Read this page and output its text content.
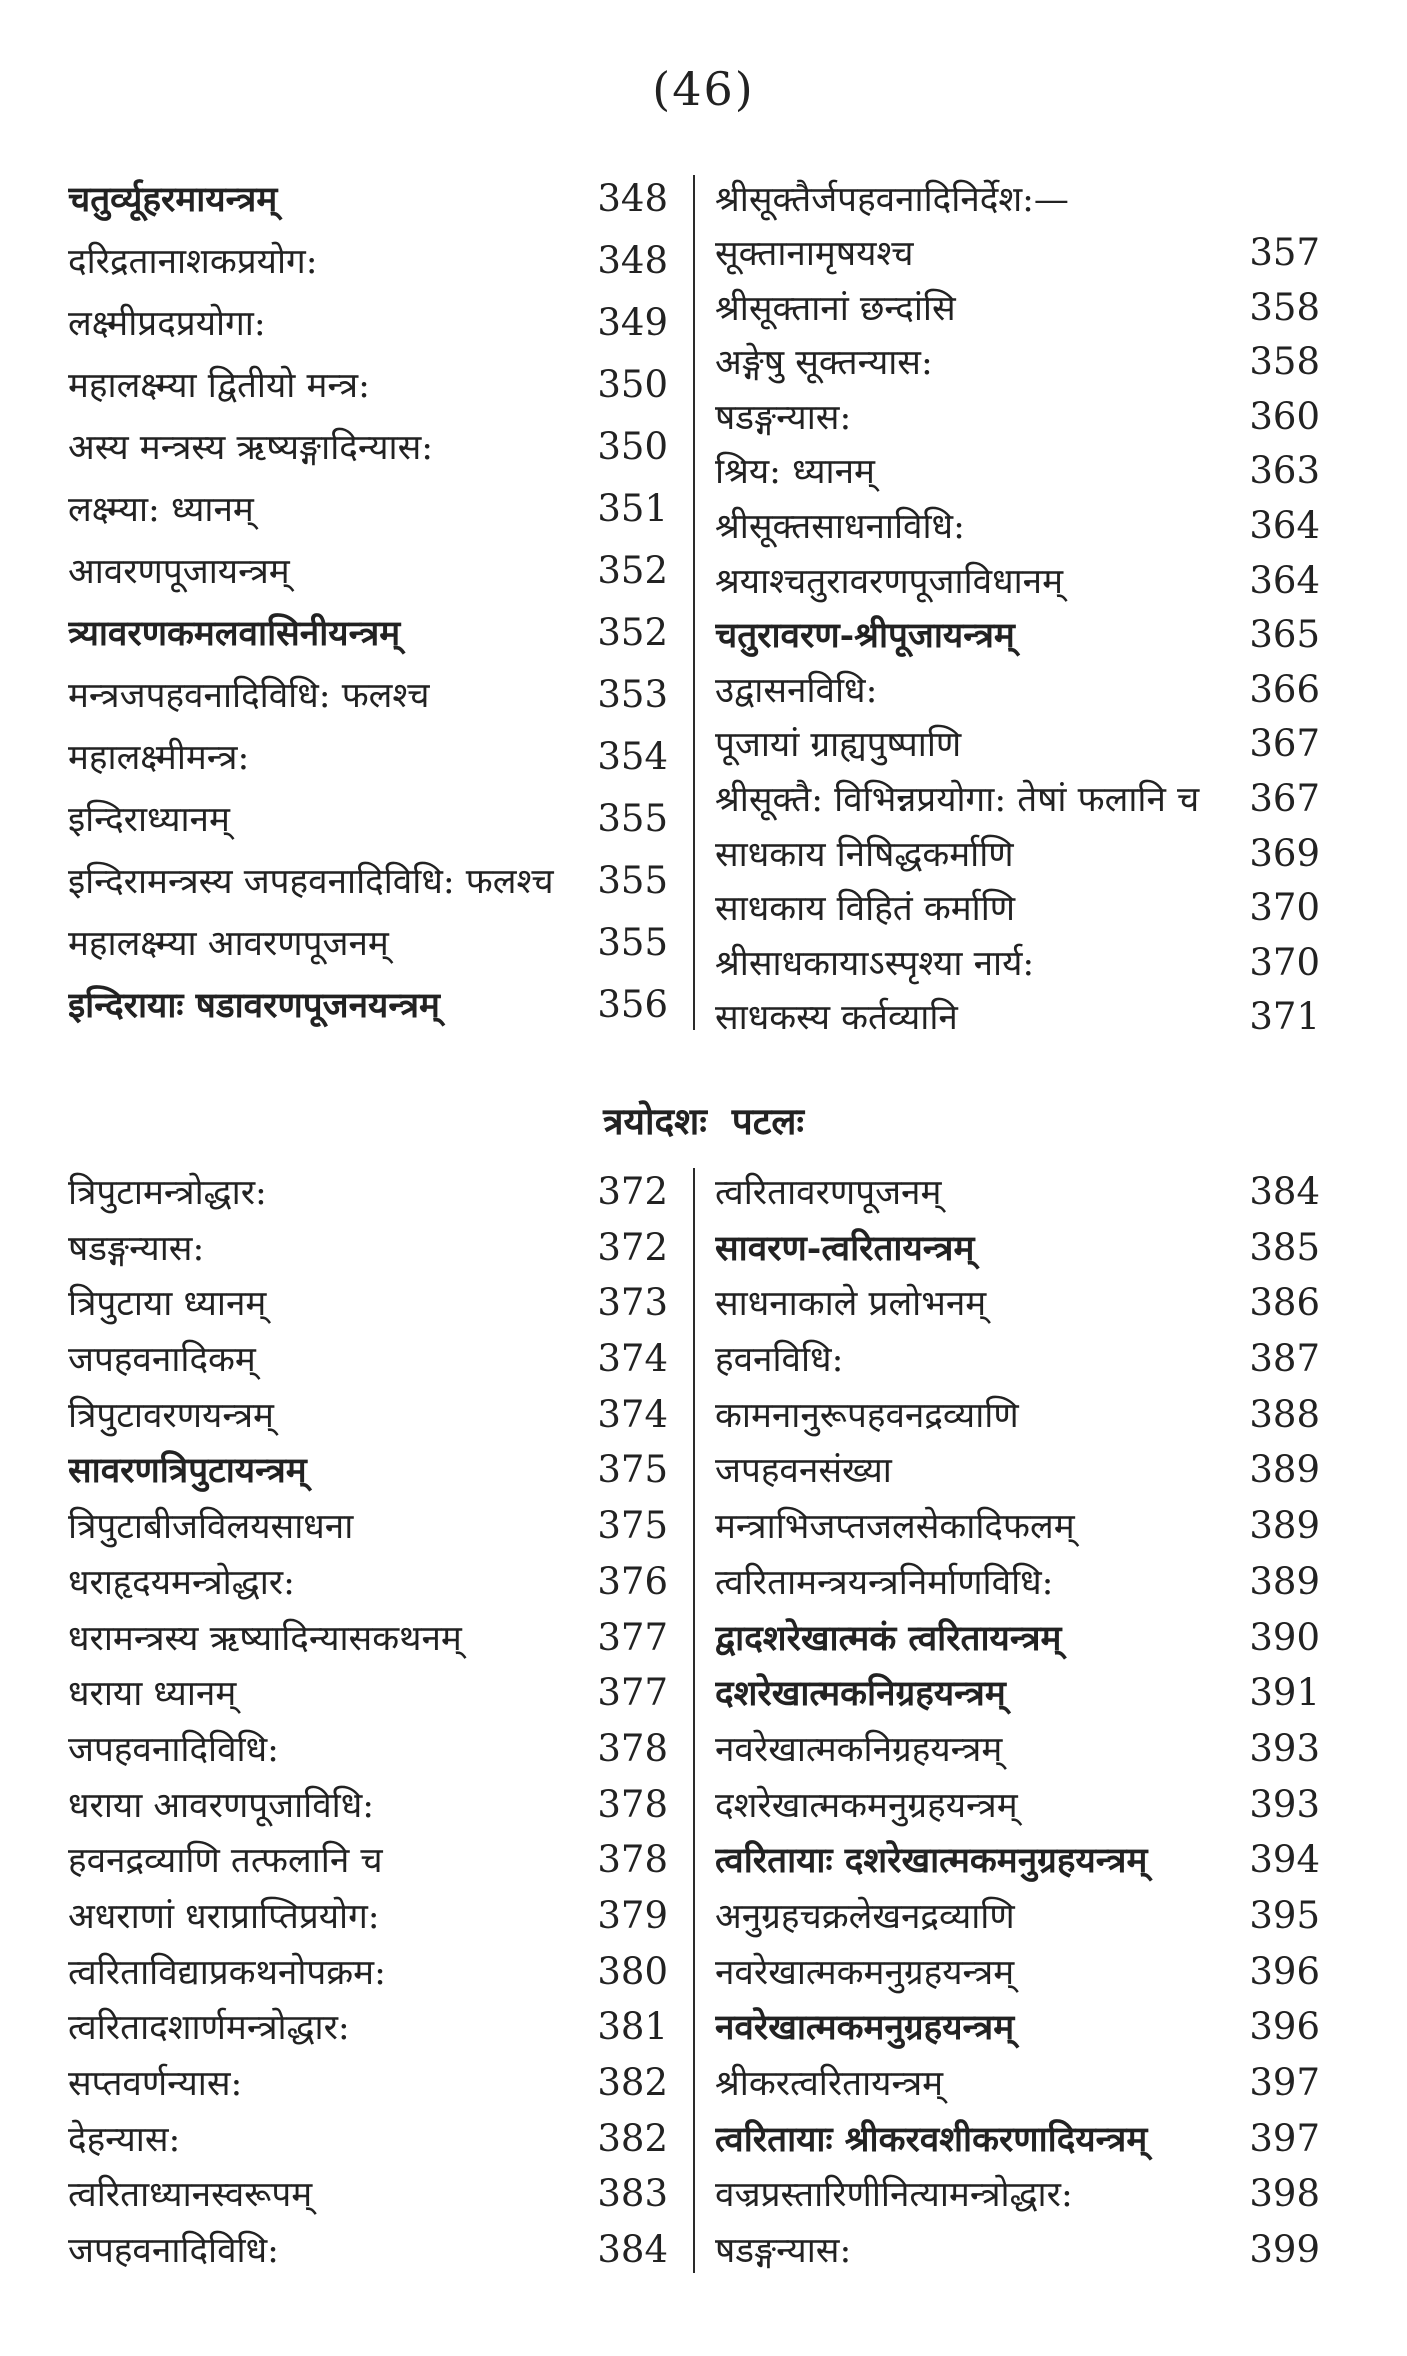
(46)
चतुर्व्यूहरमायन्त्रम्	348
दरिद्रतानाशकप्रयोग:	348
लक्ष्मीप्रदप्रयोगा:	349
महालक्ष्म्या द्वितीयो मन्त्र:	350
अस्य मन्त्रस्य ऋष्यङ्गादिन्यास:	350
लक्ष्म्या: ध्यानम्	351
आवरणपूजायन्त्रम्	352
त्र्यावरणकमलवासिनीयन्त्रम्	352
मन्त्रजपहवनादिविधि: फलश्च	353
महालक्ष्मीमन्त्र:	354
इन्दिराध्यानम्	355
इन्दिरामन्त्रस्य जपहवनादिविधि: फलश्च	355
महालक्ष्म्या आवरणपूजनम्	355
इन्दिरायाः षडावरणपूजनयन्त्रम्	356
श्रीसूक्तैर्जपहवनादिनिर्देश:—
सूक्तानामृषयश्च	357
श्रीसूक्तानां छन्दांसि	358
अङ्गेषु सूक्तन्यास:	358
षडङ्गन्यास:	360
श्रिय: ध्यानम्	363
श्रीसूक्तसाधनाविधि:	364
श्रयाश्चतुरावरणपूजाविधानम्	364
चतुरावरण-श्रीपूजायन्त्रम्	365
उद्वासनविधि:	366
पूजायां ग्राह्यपुष्पाणि	367
श्रीसूक्तै: विभिन्नप्रयोगा: तेषां फलानि च	367
साधकाय निषिद्धकर्माणि	369
साधकाय विहितं कर्माणि	370
श्रीसाधकायाऽस्पृश्या नार्य:	370
साधकस्य कर्तव्यानि	371
त्रयोदशः पटलः
त्रिपुटामन्त्रोद्धार:	372
षडङ्गन्यास:	372
त्रिपुटाया ध्यानम्	373
जपहवनादिकम्	374
त्रिपुटावरणयन्त्रम्	374
सावरणत्रिपुटायन्त्रम्	375
त्रिपुटाबीजविलयसाधना	375
धराहृदयमन्त्रोद्धार:	376
धरामन्त्रस्य ऋष्यादिन्यासकथनम्	377
धराया ध्यानम्	377
जपहवनादिविधि:	378
धराया आवरणपूजाविधि:	378
हवनद्रव्याणि तत्फलानि च	378
अधराणां धराप्राप्तिप्रयोग:	379
त्वरिताविद्याप्रकथनोपक्रम:	380
त्वरितादशार्णमन्त्रोद्धार:	381
सप्तवर्णन्यास:	382
देहन्यास:	382
त्वरिताध्यानस्वरूपम्	383
जपहवनादिविधि:	384
त्वरितावरणपूजनम्	384
सावरण-त्वरितायन्त्रम्	385
साधनाकाले प्रलोभनम्	386
हवनविधि:	387
कामनानुरूपहवनद्रव्याणि	388
जपहवनसंख्या	389
मन्त्राभिजप्तजलसेकादिफलम्	389
त्वरितामन्त्रयन्त्रनिर्माणविधि:	389
द्वादशरेखात्मकं त्वरितायन्त्रम्	390
दशरेखात्मकनिग्रहयन्त्रम्	391
नवरेखात्मकनिग्रहयन्त्रम्	393
दशरेखात्मकमनुग्रहयन्त्रम्	393
त्वरितायाः दशरेखात्मकमनुग्रहयन्त्रम्	394
अनुग्रहचक्रलेखनद्रव्याणि	395
नवरेखात्मकमनुग्रहयन्त्रम्	396
नवरेखात्मकमनुग्रहयन्त्रम्	396
श्रीकरत्वरितायन्त्रम्	397
त्वरितायाः श्रीकरवशीकरणादियन्त्रम्	397
वज्रप्रस्तारिणीनित्यामन्त्रोद्धार:	398
षडङ्गन्यास:	399
